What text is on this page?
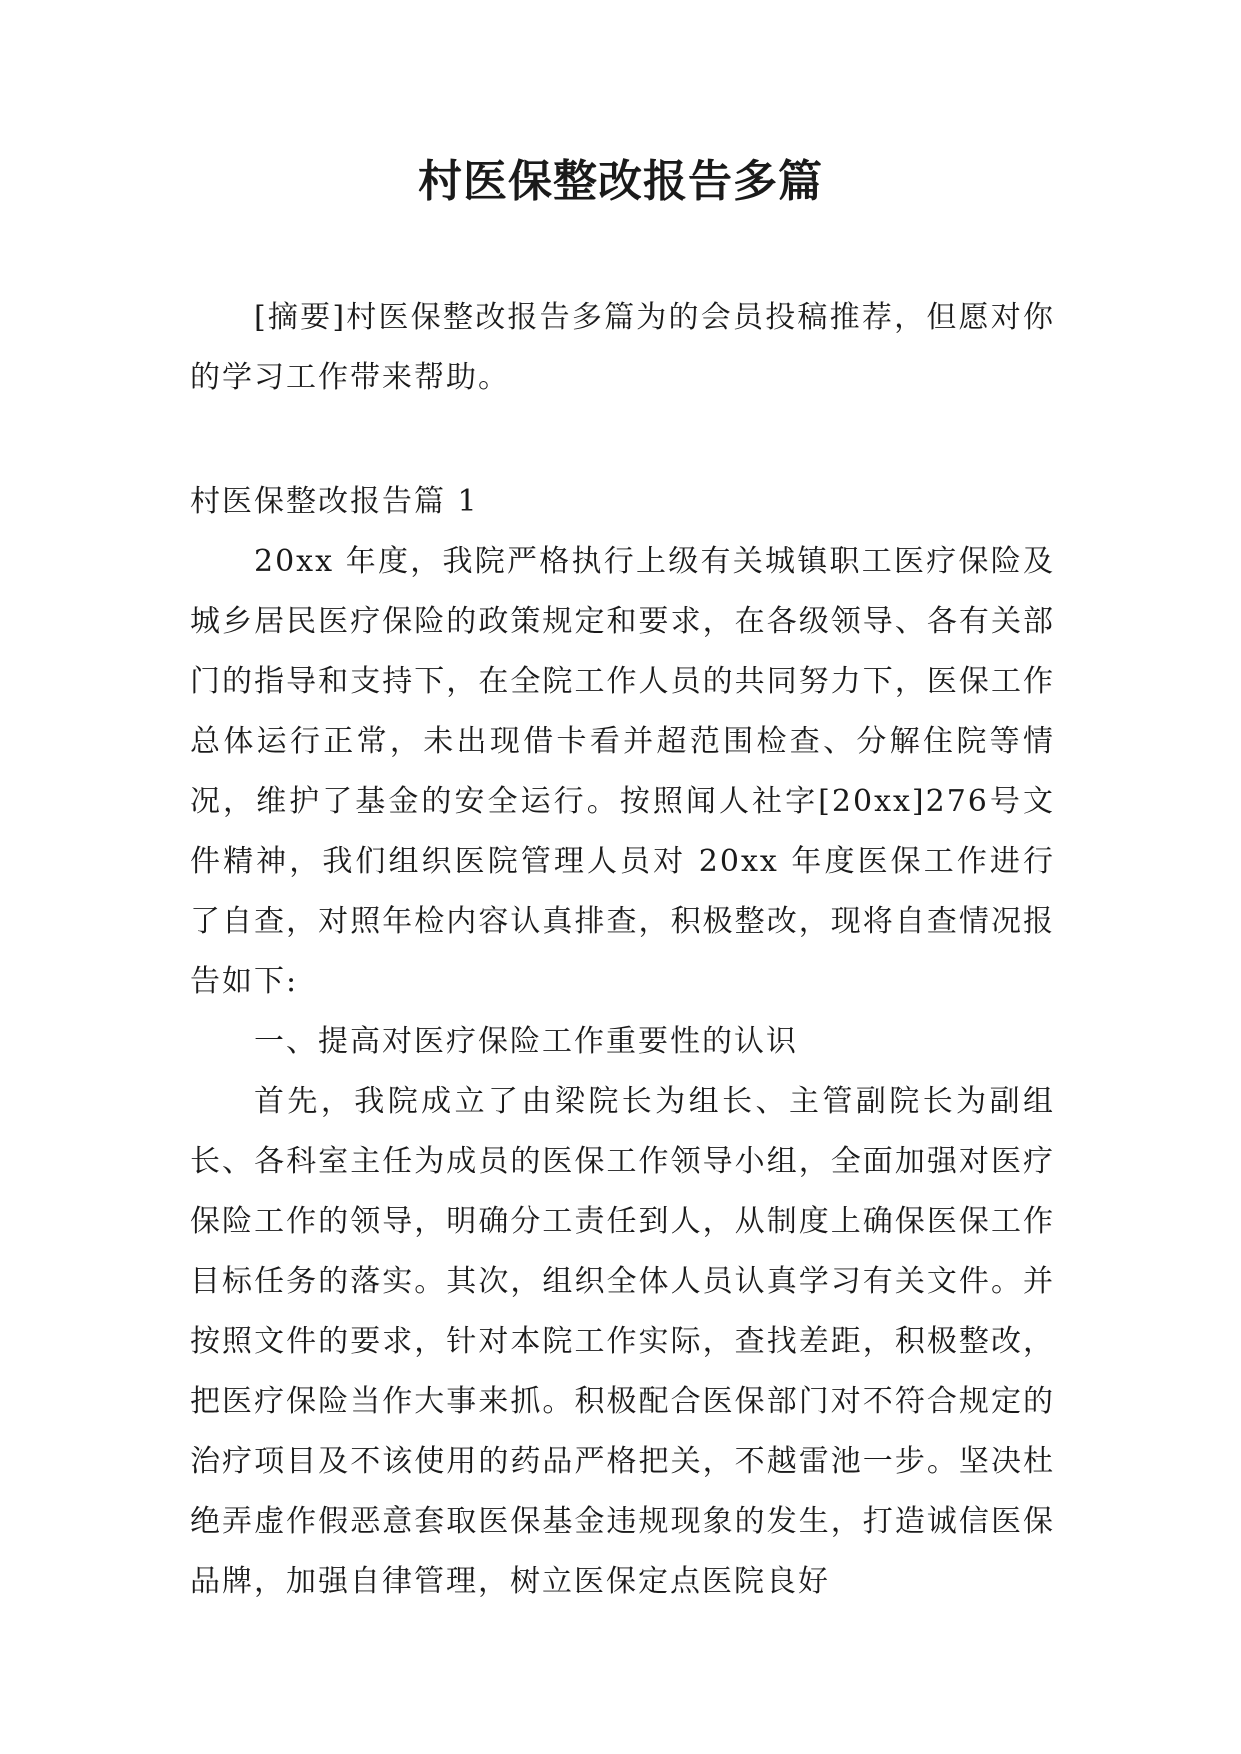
村医保整改报告多篇

[摘要]村医保整改报告多篇为的会员投稿推荐，但愿对你的学习工作带来帮助。

村医保整改报告篇 1

20xx 年度，我院严格执行上级有关城镇职工医疗保险及城乡居民医疗保险的政策规定和要求，在各级领导、各有关部门的指导和支持下，在全院工作人员的共同努力下，医保工作总体运行正常，未出现借卡看并超范围检查、分解住院等情况，维护了基金的安全运行。按照闻人社字[20xx]276号文件精神，我们组织医院管理人员对 20xx 年度医保工作进行了自查，对照年检内容认真排查，积极整改，现将自查情况报告如下:

一、提高对医疗保险工作重要性的认识

首先，我院成立了由梁院长为组长、主管副院长为副组长、各科室主任为成员的医保工作领导小组，全面加强对医疗保险工作的领导，明确分工责任到人，从制度上确保医保工作目标任务的落实。其次，组织全体人员认真学习有关文件。并按照文件的要求，针对本院工作实际，查找差距，积极整改，把医疗保险当作大事来抓。积极配合医保部门对不符合规定的治疗项目及不该使用的药品严格把关，不越雷池一步。坚决杜绝弄虚作假恶意套取医保基金违规现象的发生，打造诚信医保品牌，加强自律管理，树立医保定点医院良好
